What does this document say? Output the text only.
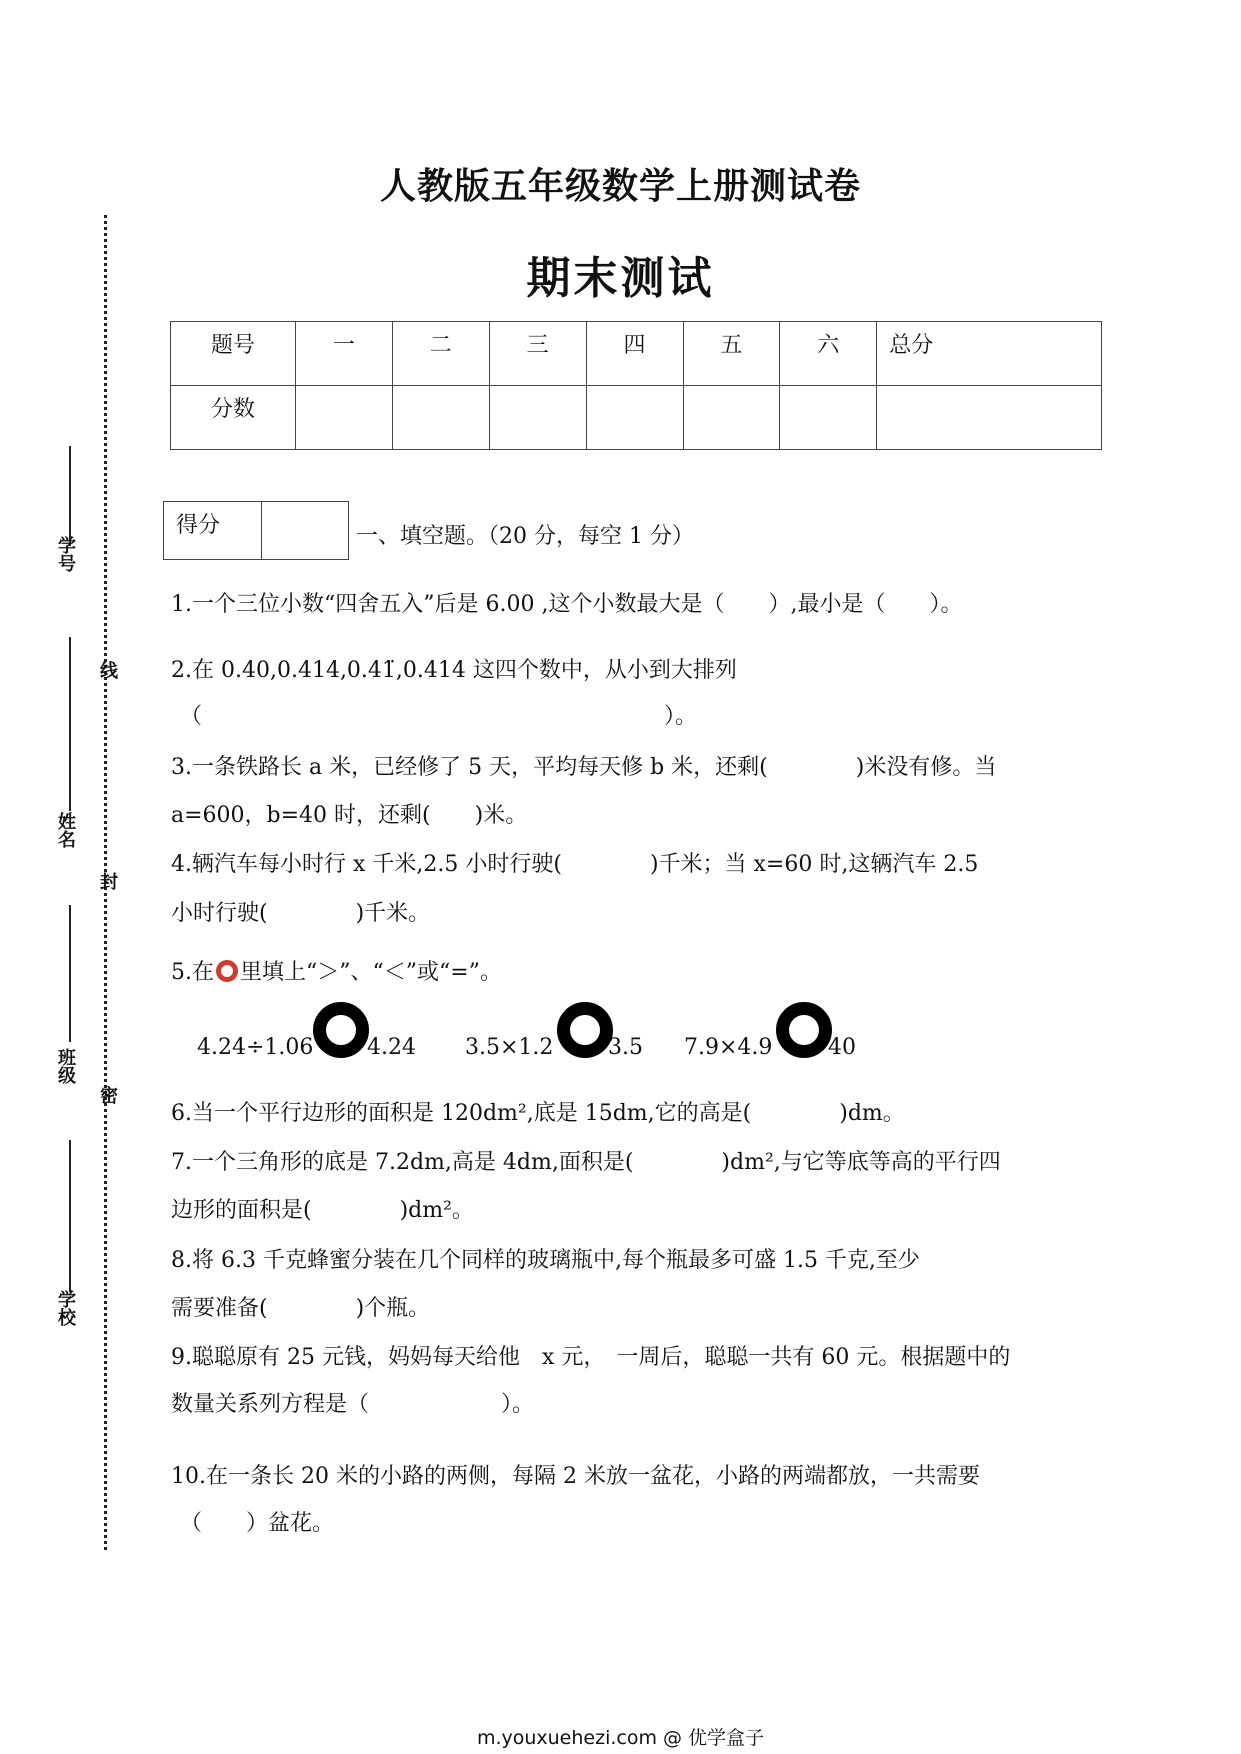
人教版五年级数学上册测试卷
期末测试
题号	一	二	三	四	五	六	总分
分数							
得分		一、填空题。（20 分，每空 1 分）
1.一个三位小数“四舍五入”后是 6.00 ,这个小数最大是（　　）,最小是（　　）。
2.在 0.40,0.414̇,0.4̇1̈,0.414 这四个数中，从小到大排列
（　　　　　　　　　　　　　　　　　　　　　）。
3.一条铁路长 a 米，已经修了 5 天，平均每天修 b 米，还剩(　　　　)米没有修。当
a=600，b=40 时，还剩(　　)米。
4.辆汽车每小时行 x 千米,2.5 小时行驶(　　　　)千米；当 x=60 时,这辆汽车 2.5
小时行驶(　　　　)千米。
5.在 里填上“＞”、“＜”或“=”。
4.24÷1.06 4.24 3.5×1.2 3.5 7.9×4.9	40
6.当一个平行边形的面积是 120dm²,底是 15dm,它的高是(　　　　)dm。
7.一个三角形的底是 7.2dm,高是 4dm,面积是(　　　　)dm²,与它等底等高的平行四
边形的面积是(　　　　)dm²。
8.将 6.3 千克蜂蜜分装在几个同样的玻璃瓶中,每个瓶最多可盛 1.5 千克,至少
需要准备(　　　　)个瓶。
9.聪聪原有 25 元钱，妈妈每天给他　x 元，　一周后，聪聪一共有 60 元。根据题中的
数量关系列方程是（　　　　　　）。
10.在一条长 20 米的小路的两侧，每隔 2 米放一盆花，小路的两端都放，一共需要
（　　）盆花。
学号
姓名
班级
学校
线
封
密
m.youxuehezi.com @ 优学盒子
